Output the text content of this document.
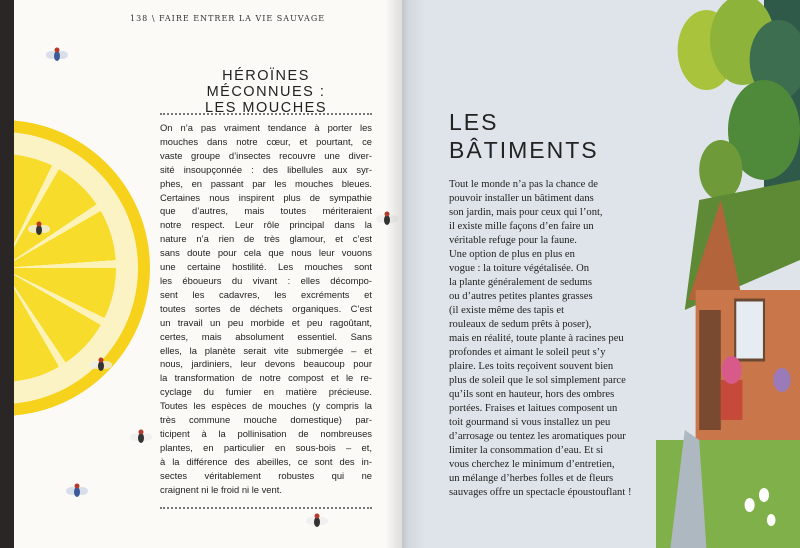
138 \ FAIRE ENTRER LA VIE SAUVAGE
HÉROÏNES
MÉCONNUES :
LES MOUCHES
On n’a pas vraiment tendance à porter les
mouches dans notre cœur, et pourtant, ce
vaste groupe d’insectes recouvre une diver-
sité insoupçonnée : des libellules aux syr-
phes, en passant par les mouches bleues.
Certaines nous inspirent plus de sympathie
que d’autres, mais toutes mériteraient
notre respect. Leur rôle principal dans la
nature n’a rien de très glamour, et c’est
sans doute pour cela que nous leur vouons
une certaine hostilité. Les mouches sont
les éboueurs du vivant : elles décompo-
sent les cadavres, les excréments et
toutes sortes de déchets organiques. C’est
un travail un peu morbide et peu ragoûtant,
certes, mais absolument essentiel. Sans
elles, la planète serait vite submergée – et
nous, jardiniers, leur devons beaucoup pour
la transformation de notre compost et le re-
cyclage du fumier en matière précieuse.
Toutes les espèces de mouches (y compris la
très commune mouche domestique) par-
ticipent à la pollinisation de nombreuses
plantes, en particulier en sous-bois – et,
à la différence des abeilles, ce sont des in-
sectes véritablement robustes qui ne
craignent ni le froid ni le vent.
LES
BÂTIMENTS
Tout le monde n’a pas la chance de
pouvoir installer un bâtiment dans
son jardin, mais pour ceux qui l’ont,
il existe mille façons d’en faire un
véritable refuge pour la faune.
Une option de plus en plus en
vogue : la toiture végétalisée. On
la plante généralement de sedums
ou d’autres petites plantes grasses
(il existe même des tapis et
rouleaux de sedum prêts à poser),
mais en réalité, toute plante à racines peu
profondes et aimant le soleil peut s’y
plaire. Les toits reçoivent souvent bien
plus de soleil que le sol simplement parce
qu’ils sont en hauteur, hors des ombres
portées. Fraises et laitues composent un
toit gourmand si vous installez un peu
d’arrosage ou tentez les aromatiques pour
limiter la consommation d’eau. Et si
vous cherchez le minimum d’entretien,
un mélange d’herbes folles et de fleurs
sauvages offre un spectacle époustouflant !
